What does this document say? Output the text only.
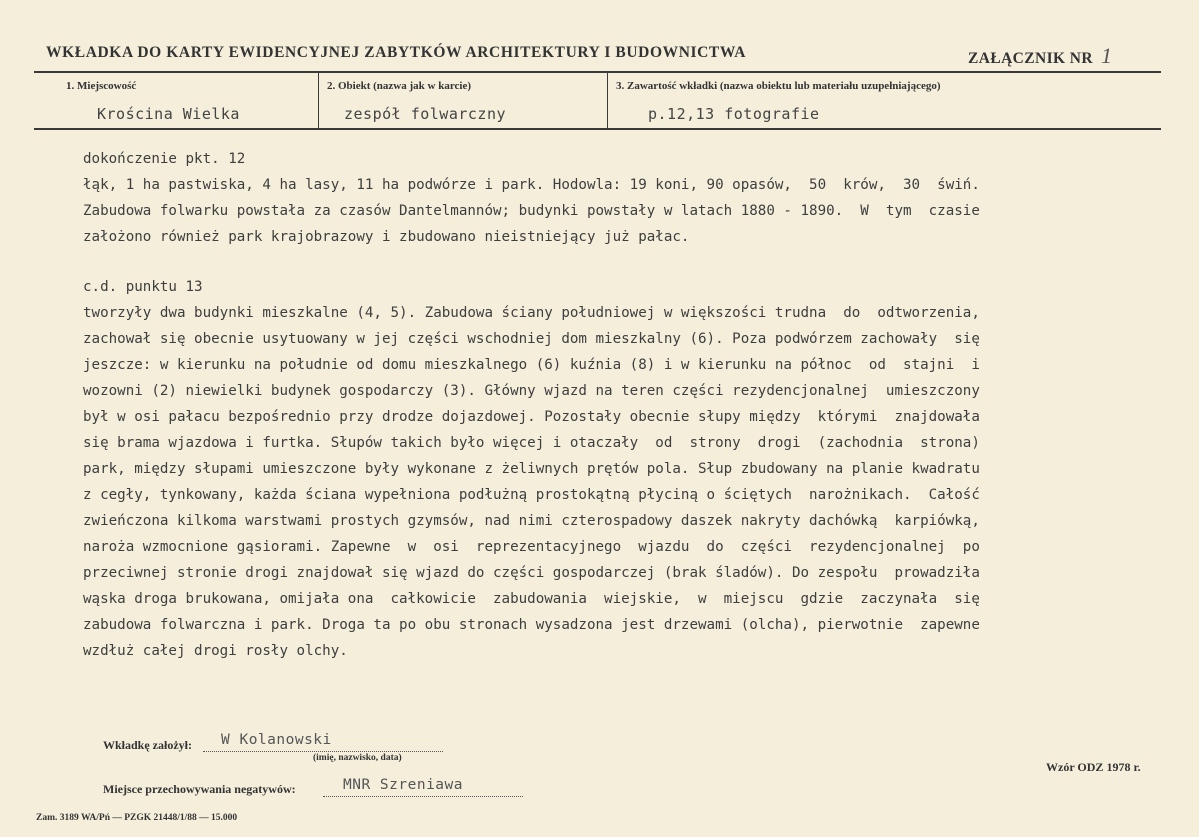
WKŁADKA DO KARTY EWIDENCYJNEJ ZABYTKÓW ARCHITEKTURY I BUDOWNICTWA	ZAŁĄCZNIK NR 1
1. Miejscowość	2. Obiekt (nazwa jak w karcie)	3. Zawartość wkładki (nazwa obiektu lub materiału uzupełniającego)
Krościna Wielka	zespół folwarczny	p.12,13 fotografie
dokończenie pkt. 12
łąk, 1 ha pastwiska, 4 ha lasy, 11 ha podwórze i park. Hodowla: 19 koni, 90 opasów,  50  krów,  30  świń.
Zabudowa folwarku powstała za czasów Dantelmannów; budynki powstały w latach 1880 - 1890.  W  tym  czasie
założono również park krajobrazowy i zbudowano nieistniejący już pałac.
c.d. punktu 13
tworzyły dwa budynki mieszkalne (4, 5). Zabudowa ściany południowej w większości trudna  do  odtworzenia,
zachował się obecnie usytuowany w jej części wschodniej dom mieszkalny (6). Poza podwórzem zachowały  się
jeszcze: w kierunku na południe od domu mieszkalnego (6) kuźnia (8) i w kierunku na północ  od  stajni  i
wozowni (2) niewielki budynek gospodarczy (3). Główny wjazd na teren części rezydencjonalnej  umieszczony
był w osi pałacu bezpośrednio przy drodze dojazdowej. Pozostały obecnie słupy między  którymi  znajdowała
się brama wjazdowa i furtka. Słupów takich było więcej i otaczały  od  strony  drogi  (zachodnia  strona)
park, między słupami umieszczone były wykonane z żeliwnych prętów pola. Słup zbudowany na planie kwadratu
z cegły, tynkowany, każda ściana wypełniona podłużną prostokątną płyciną o ściętych  narożnikach.  Całość
zwieńczona kilkoma warstwami prostych gzymsów, nad nimi czterospadowy daszek nakryty dachówką  karpiówką,
naroża wzmocnione gąsiorami. Zapewne  w  osi  reprezentacyjnego  wjazdu  do  części  rezydencjonalnej  po
przeciwnej stronie drogi znajdował się wjazd do części gospodarczej (brak śladów). Do zespołu  prowadziła
wąska droga brukowana, omijała ona  całkowicie  zabudowania  wiejskie,  w  miejscu  gdzie  zaczynała  się
zabudowa folwarczna i park. Droga ta po obu stronach wysadzona jest drzewami (olcha), pierwotnie  zapewne
wzdłuż całej drogi rosły olchy.
Wkładkę założył: W Kolanowski
(imię, nazwisko, data)
Miejsce przechowywania negatywów:	MNR Szreniawa
Wzór ODZ 1978 r.
Zam. 3189 WA/Pń — PZGK 21448/1/88 — 15.000
